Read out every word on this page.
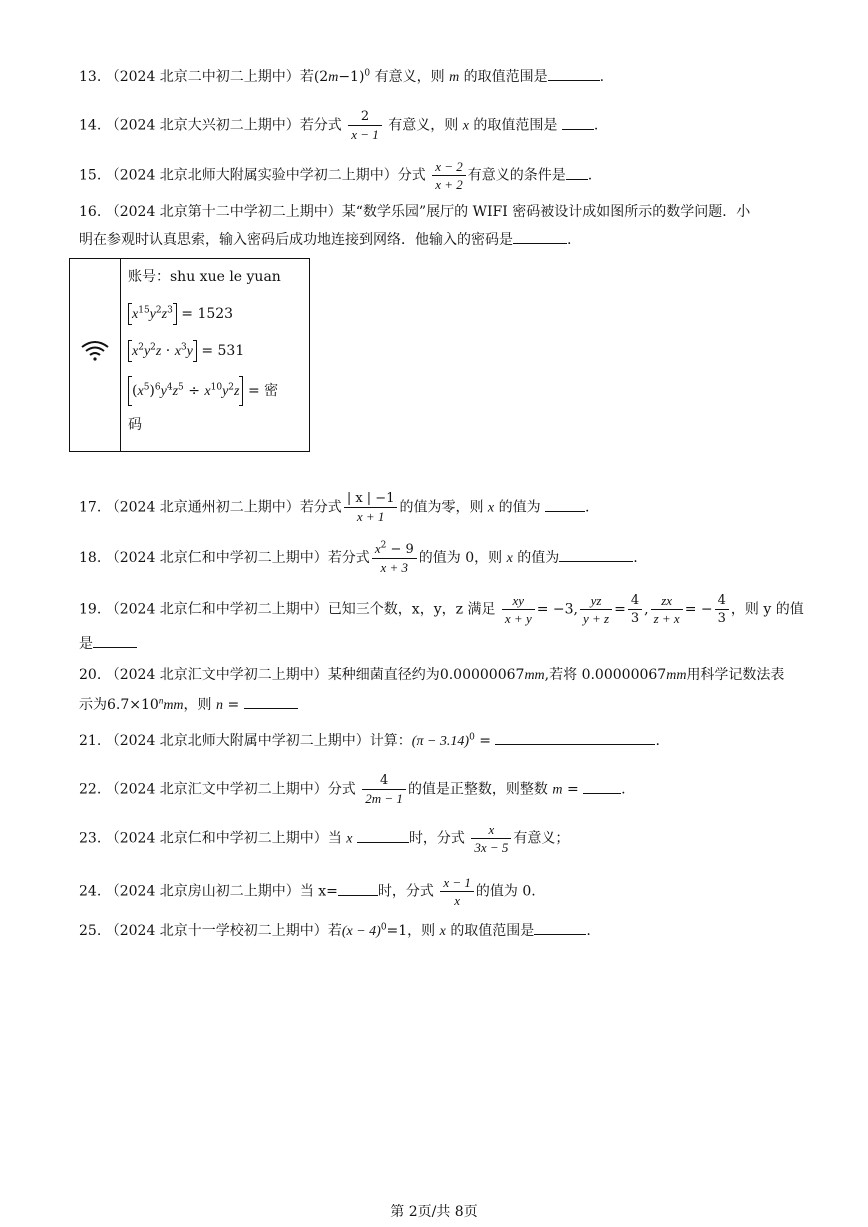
13. （2024 北京二中初二上期中）若$(2m-1)^0$ 有意义，则 m 的取值范围是	.
14. （2024 北京大兴初二上期中）若分式 $\frac{2}{x - 1}$ 有意义，则 x 的取值范围是	.
15. （2024 北京北师大附属实验中学初二上期中）分式 $\frac{x - 2}{x + 2}$ 有意义的条件是 .
16. （2024 北京第十二中学初二上期中）某“数学乐园”展厅的 WIFI 密码被设计成如图所示的数学问题．小
明在参观时认真思索，输入密码后成功地连接到网络．他输入的密码是	.
账号：shu xue le yuan
$x^{15}y^2z^3 = 1523$
$x^2y^2z \cdot x^3y = 531$
$(x^5)^6y^4z^5 \div x^{10}y^2z$ = 密
码
17. （2024 北京通州初二上期中）若分式 $\frac{| x | -1}{x + 1}$ 的值为零，则 x 的值为	.
18. （2024 北京仁和中学初二上期中）若分式 $\frac{x^2 - 9}{x + 3}$ 的值为 0，则 x 的值为	.
19. （2024 北京仁和中学初二上期中）已知三个数，x，y，z 满足 $\frac{xy}{x + y} = -3$, $\frac{yz}{y + z} = \frac{4}{3}$ , $\frac{zx}{z + x}$ = − $\frac{4}{3}$ ，则 y 的值
是
20. （2024 北京汇文中学初二上期中）某种细菌直径约为0.00000067mm,若将 0.00000067mm用科学记数法表
示为$6.7\times 10^nmm$，则 n =
21. （2024 北京北师大附属中学初二上期中）计算：$(\pi - 3.14)^0$ =	.
22. （2024 北京汇文中学初二上期中）分式 $\frac{4}{2m - 1}$ 的值是正整数，则整数 m =	.
23. （2024 北京仁和中学初二上期中）当 x	时，分式 $\frac{x}{3x - 5}$ 有意义；
24. （2024 北京房山初二上期中）当 x=	时，分式 $\frac{x - 1}{x}$ 的值为 0.
25. （2024 北京十一学校初二上期中）若$(x - 4)^0=1$，则 x 的取值范围是	.
第 2页/共 8页
